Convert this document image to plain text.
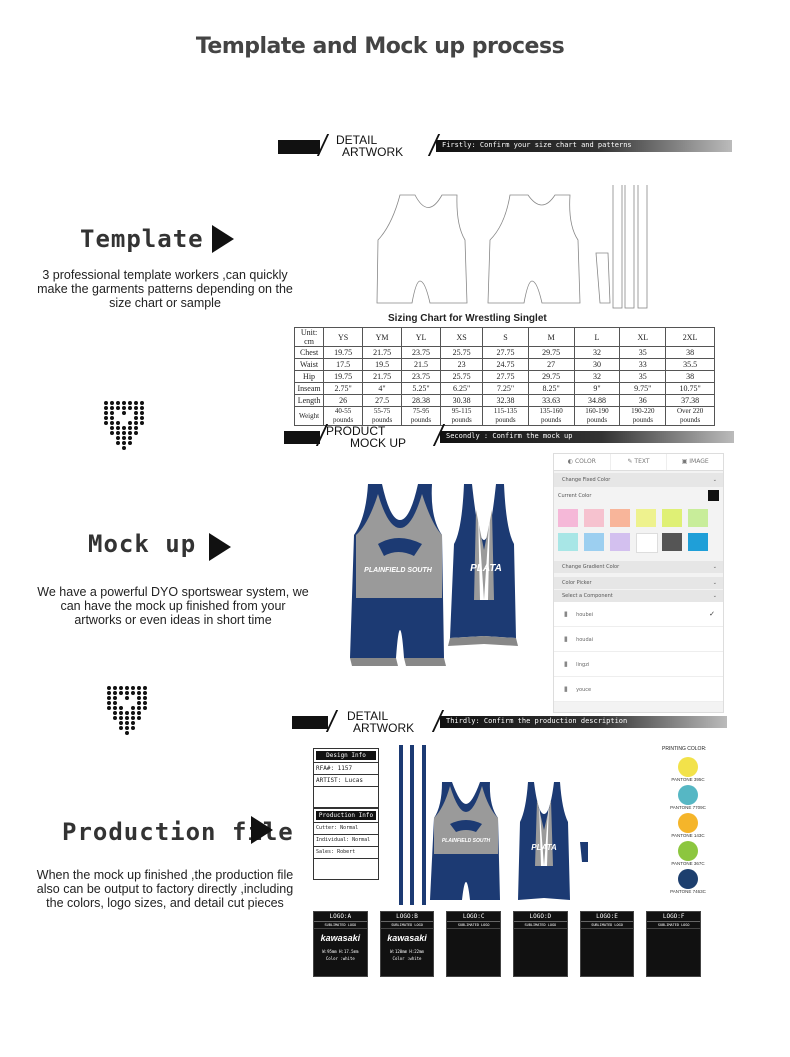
Template and Mock up process
Template
3 professional template workers ,can quickly
make the garments patterns depending on the
size chart or sample
DETAIL
ARTWORK	Firstly: Confirm your size chart and patterns
Sizing Chart for Wrestling Singlet
Unit: cm	YS	YM	YL	XS	S	M	L	XL	2XL
Chest	19.75	21.75	23.75	25.75	27.75	29.75	32	35	38
Waist	17.5	19.5	21.5	23	24.75	27	30	33	35.5
Hip	19.75	21.75	23.75	25.75	27.75	29.75	32	35	38
Inseam	2.75"	4"	5.25"	6.25"	7.25"	8.25"	9"	9.75"	10.75"
Length	26	27.5	28.38	30.38	32.38	33.63	34.88	36	37.38
Weight	40-55 pounds	55-75 pounds	75-95 pounds	95-115 pounds	115-135 pounds	135-160 pounds	160-190 pounds	190-220 pounds	Over 220 pounds
PRODUCT
MOCK UP	Secondly : Confirm the mock up
Mock up
We have a powerful DYO sportswear system, we
can have the mock up finished from your
artworks or even ideas in short time
PLAINFIELD SOUTH	PLATA
◐ COLOR	✎ TEXT	▣ IMAGE
Change Fixed Color	⌄
Current Color
Change Gradient Color	⌄
Color Picker	⌄
Select a Component	⌄
▮ houbei	✓
▮ houdai
▮ lingzi
▮ youce
DETAIL
ARTWORK	Thirdly: Confirm the production description
Production file
When the mock up finished ,the production file
also can be output to factory directly ,including
the colors, logo sizes, and detail cut pieces
Design Info
RFA#: 1157
ARTIST: Lucas
Production Info
Cutter: Normal
Individual: Normal
Sales: Robert
PLAINFIELD SOUTH
PLATA
PRINTING COLOR:
PANTONE 395C
PANTONE 7709C
PANTONE 143C
PANTONE 367C
PANTONE 7463C
LOGO:A
SUBLIMATED LOGO
kawasaki
W:95mm H:17.5mm
Color :white
LOGO:B
SUBLIMATED LOGO
kawasaki
W:120mm H:22mm
Color :white
LOGO:C
SUBLIMATED LOGO
LOGO:D
SUBLIMATED LOGO
LOGO:E
SUBLIMATED LOGO
LOGO:F
SUBLIMATED LOGO
